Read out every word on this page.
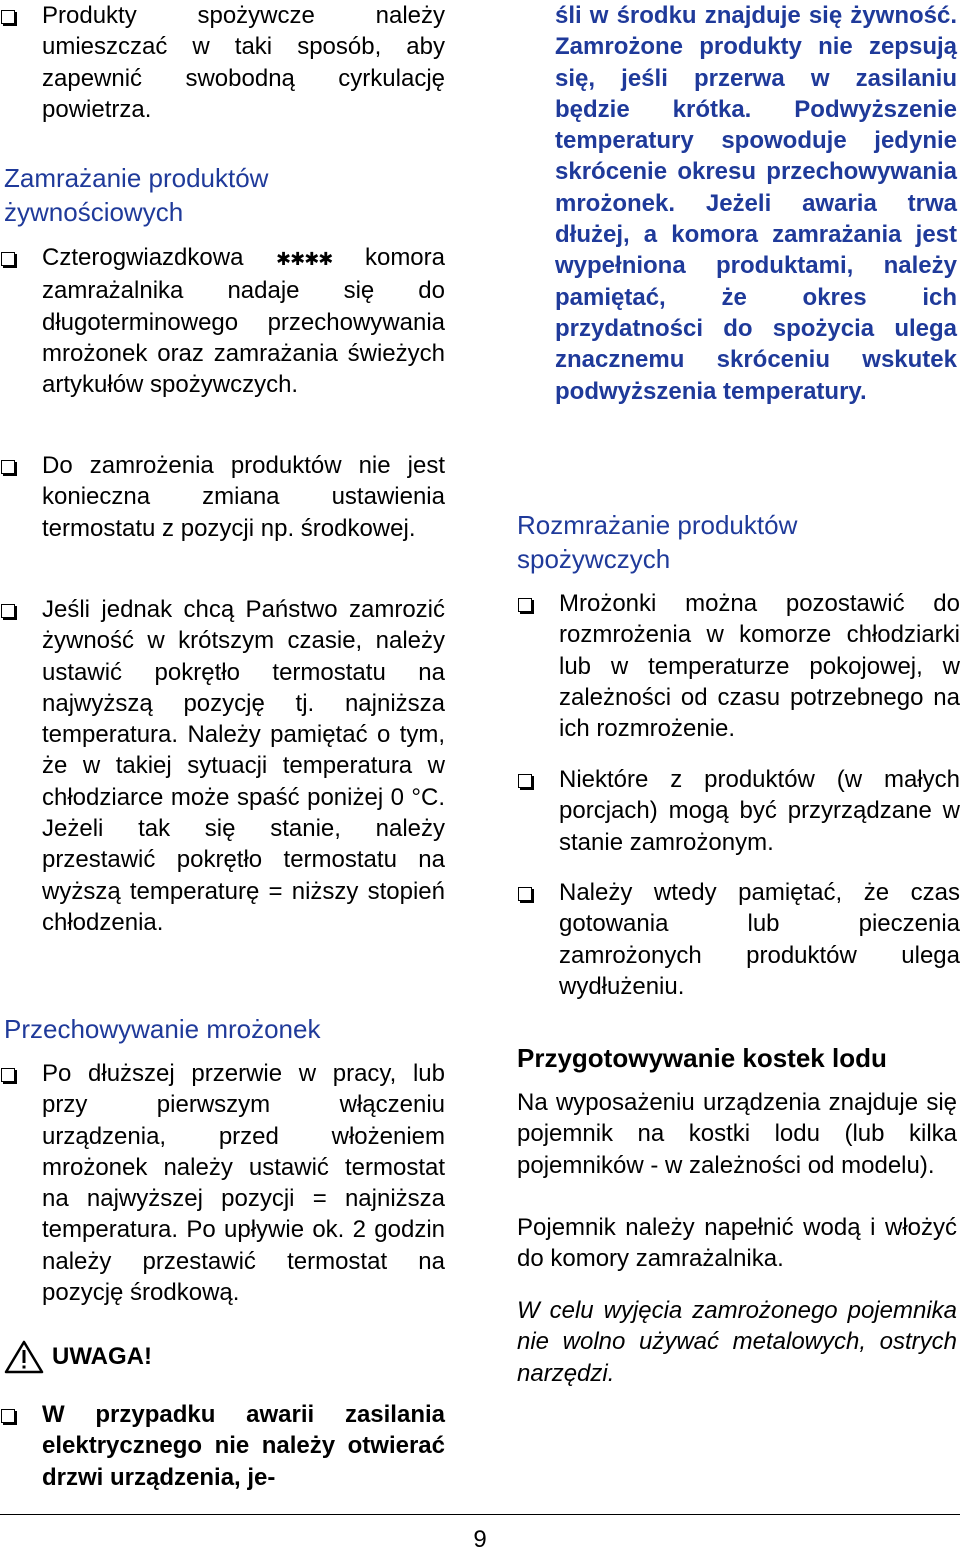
Produkty spożywcze należy umieszczać w taki sposób, aby zapewnić swobodną cyrkulację powietrza.

Zamrażanie produktów żywnościowych

Czterogwiazdkowa ✱✱✱✱ komora zamrażalnika nadaje się do długoterminowego przechowywania mrożonek oraz zamrażania świeżych artykułów spożywczych.

Do zamrożenia produktów nie jest konieczna zmiana ustawienia termostatu z pozycji np. środkowej.

Jeśli jednak chcą Państwo zamrozić żywność w krótszym czasie, należy ustawić pokrętło termostatu na najwyższą pozycję tj. najniższa temperatura. Należy pamiętać o tym, że w takiej sytuacji temperatura w chłodziarce może spaść poniżej 0 °C. Jeżeli tak się stanie, należy przestawić pokrętło termostatu na wyższą temperaturę = niższy stopień chłodzenia.

Przechowywanie mrożonek

Po dłuższej przerwie w pracy, lub przy pierwszym włączeniu urządzenia, przed włożeniem mrożonek należy ustawić termostat na najwyższej pozycji = najniższa temperatura. Po upływie ok. 2 godzin należy przestawić termostat na pozycję środkową.

UWAGA!

W przypadku awarii zasilania elektrycznego nie należy otwierać drzwi urządzenia, je-

śli w środku znajduje się żywność. Zamrożone produkty nie zepsują się, jeśli przerwa w zasilaniu będzie krótka. Podwyższenie temperatury spowoduje jedynie skrócenie okresu przechowywania mrożonek. Jeżeli awaria trwa dłużej, a komora zamrażania jest wypełniona produktami, należy pamiętać, że okres ich przydatności do spożycia ulega znacznemu skróceniu wskutek podwyższenia temperatury.

Rozmrażanie produktów spożywczych

Mrożonki można pozostawić do rozmrożenia w komorze chłodziarki lub w temperaturze pokojowej, w zależności od czasu potrzebnego na ich rozmrożenie.

Niektóre z produktów (w małych porcjach) mogą być przyrządzane w stanie zamrożonym.

Należy wtedy pamiętać, że czas gotowania lub pieczenia zamrożonych produktów ulega wydłużeniu.

Przygotowywanie kostek lodu

Na wyposażeniu urządzenia znajduje się pojemnik na kostki lodu (lub kilka pojemników - w zależności od modelu).

Pojemnik należy napełnić wodą i włożyć do komory zamrażalnika.

W celu wyjęcia zamrożonego pojemnika nie wolno używać metalowych, ostrych narzędzi.

9
